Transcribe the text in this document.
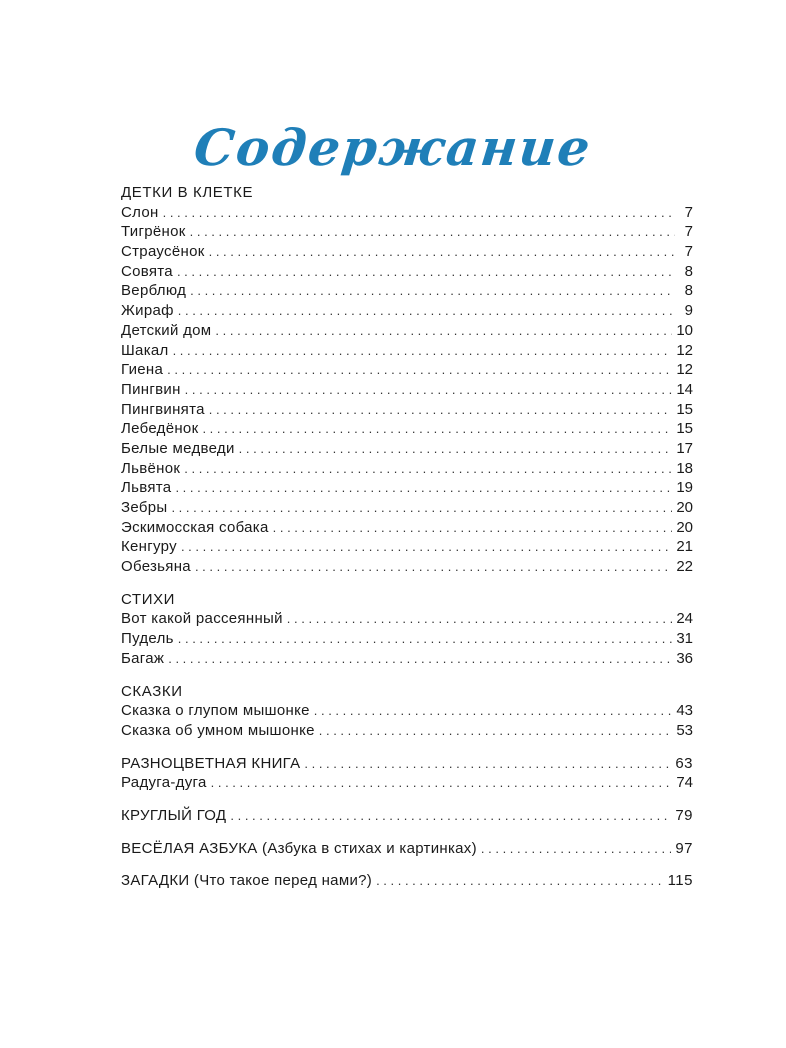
Содержание
ДЕТКИ В КЛЕТКЕ
Слон . . .	7
Тигрёнок . . .	7
Страусёнок . . .	7
Совята . . .	8
Верблюд . . .	8
Жираф . . .	9
Детский дом . . .	10
Шакал . . .	12
Гиена . . .	12
Пингвин . . .	14
Пингвинята . . .	15
Лебедёнок . . .	15
Белые медведи . . .	17
Львёнок . . .	18
Львята . . .	19
Зебры . . .	20
Эскимосская собака . . .	20
Кенгуру . . .	21
Обезьяна . . .	22
СТИХИ
Вот какой рассеянный . . .	24
Пудель . . .	31
Багаж . . .	36
СКАЗКИ
Сказка о глупом мышонке . . .	43
Сказка об умном мышонке . . .	53
РАЗНОЦВЕТНАЯ КНИГА . . .	63
Радуга-дуга . . .	74
КРУГЛЫЙ ГОД . . .	79
ВЕСЁЛАЯ АЗБУКА (Азбука в стихах и картинках) . . .	97
ЗАГАДКИ (Что такое перед нами?) . . .	115
